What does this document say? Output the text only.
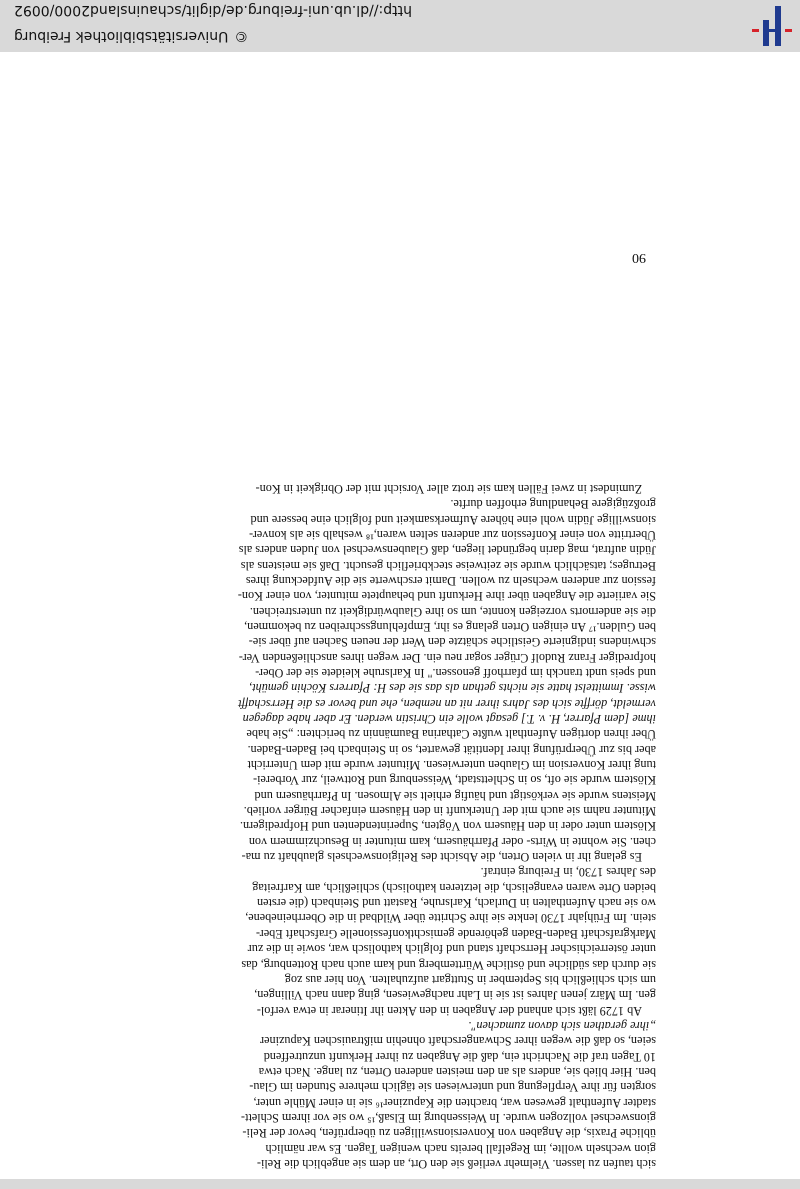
sich taufen zu lassen. Vielmehr verließ sie den Ort, an dem sie angeblich die Reli-

gion wechseln wollte, im Regelfall bereits nach wenigen Tagen. Es war nämlich

übliche Praxis, die Angaben von Konversionswilligen zu überprüfen, bevor der Reli-

gionswechsel vollzogen wurde. In Weissenburg im Elsaß,¹⁵ wo sie vor ihrem Schlett-

stadter Aufenthalt gewesen war, brachten die Kapuziner¹⁶ sie in einer Mühle unter,

sorgten für ihre Verpflegung und unterwiesen sie täglich mehrere Stunden im Glau-

ben. Hier blieb sie, anders als an den meisten anderen Orten, zu lange. Nach etwa

10 Tagen traf die Nachricht ein, daß die Angaben zu ihrer Herkunft unzutreffend

seien, so daß die wegen ihrer Schwangerschaft ohnehin mißtrauischen Kapuziner

„ihre gerathen sich davon zumachen".

Ab 1729 läßt sich anhand der Angaben in den Akten ihr Itinerar in etwa verfol-

gen. Im März jenen Jahres ist sie in Lahr nachgewiesen, ging dann nach Villingen,

um sich schließlich bis September in Stuttgart aufzuhalten. Von hier aus zog

sie durch das südliche und östliche Württemberg und kam auch nach Rottenburg, das

unter österreichischer Herrschaft stand und folglich katholisch war, sowie in die zur

Markgrafschaft Baden-Baden gehörende gemischtkonfessionelle Grafschaft Eber-

stein. Im Frühjahr 1730 lenkte sie ihre Schritte über Wildbad in die Oberrheinebene,

wo sie nach Aufenthalten in Durlach, Karlsruhe, Rastatt und Steinbach (die ersten

beiden Orte waren evangelisch, die letzteren katholisch) schließlich, am Karfreitag

des Jahres 1730, in Freiburg eintraf.

Es gelang ihr in vielen Orten, die Absicht des Religionswechsels glaubhaft zu ma-

chen. Sie wohnte in Wirts- oder Pfarrhäusern, kam mitunter in Besuchzimmern von

Klöstern unter oder in den Häusern von Vögten, Superintendenten und Hofpredigern.

Mitunter nahm sie auch mit der Unterkunft in den Häusern einfacher Bürger vorlieb.

Meistens wurde sie verköstigt und häufig erhielt sie Almosen. In Pfarrhäusern und

Klöstern wurde sie oft, so in Schlettstadt, Weissenburg und Rottweil, zur Vorberei-

tung ihrer Konversion im Glauben unterwiesen. Mitunter wurde mit dem Unterricht

aber bis zur Überprüfung ihrer Identität gewartet, so in Steinbach bei Baden-Baden.

Über ihren dortigen Aufenthalt wußte Catharina Baumännin zu berichten: „Sie habe

ihme [dem Pfarrer, H. v. T.] gesagt wolle ein Christin werden. Er aber habe dagegen

vermeldt, dörffte sich des Jahrs ihrer nit an nemben, ehe und bevor es die Herrschafft

wisse. Immittelst hatte sie nichts gethan als das sie des H: Pfarrers Köchin gemüht,

und speis undt tranckh im pfarrhoff genossen." In Karlsruhe kleidete sie der Ober-

hofprediger Franz Rudolf Crüger sogar neu ein. Der wegen ihres anschließenden Ver-

schwindens indignierte Geistliche schätzte den Wert der neuen Sachen auf über sie-

ben Gulden.¹⁷ An einigen Orten gelang es ihr, Empfehlungsschreiben zu bekommen,

die sie andernorts vorzeigen konnte, um so ihre Glaubwürdigkeit zu unterstreichen.

Sie variierte die Angaben über ihre Herkunft und behauptete mitunter, von einer Kon-

fession zur anderen wechseln zu wollen. Damit erschwerte sie die Aufdeckung ihres

Betruges; tatsächlich wurde sie zeitweise steckbrieflich gesucht. Daß sie meistens als

Jüdin auftrat, mag darin begründet liegen, daß Glaubenswechsel von Juden anders als

Übertritte von einer Konfession zur anderen selten waren,¹⁸ weshalb sie als konver-

sionswillige Jüdin wohl eine höhere Aufmerksamkeit und folglich eine bessere und

großzügigere Behandlung erhoffen durfte.

Zumindest in zwei Fällen kam sie trotz aller Vorsicht mit der Obrigkeit in Kon-

90
©Universitätsbibliothek Freiburg
http://dl.ub.uni-freiburg.de/diglit/schauinsland2000/0092
